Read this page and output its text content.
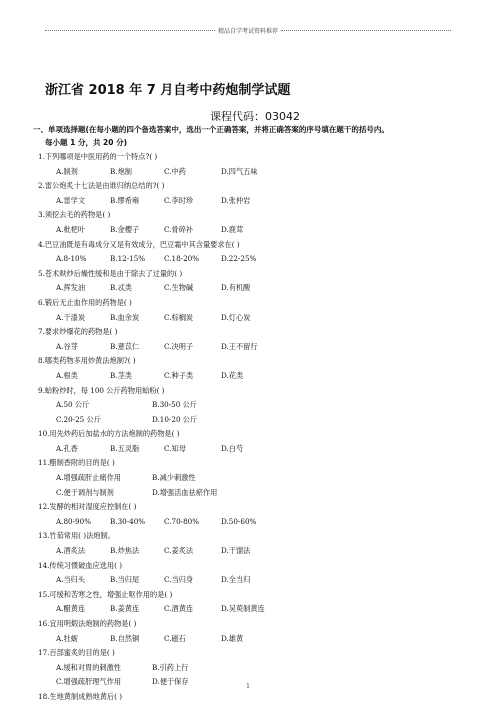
精品自学考试资料推荐
浙江省 2018 年 7 月自考中药炮制学试题
课程代码：03042
一、单项选择题(在每小题的四个备选答案中，选出一个正确答案，并将正确答案的序号填在题干的括号内。
每小题 1 分，共 20 分)
1.下列哪项是中医用药的一个特点?( )
A.制剂	B.炮制	C.中药	D.四气五味
2.雷公炮炙十七法是由谁归纳总结的?( )
A.雷学文	B.缪希雍	C.李时珍	D.张仲岩
3.须挖去毛的药物是( )
A.枇杷叶	B.金樱子	C.骨碎补	D.鹿茸
4.巴豆油既是有毒成分又是有效成分，巴豆霜中其含量要求在( )
A.8-10%	B.12-15%	C.18-20%	D.22-25%
5.苍术麸炒后燥性缓和是由于除去了过量的( )
A.挥发油	B.忒类	C.生物碱	D.有机酸
6.锻后无止血作用的药物是( )
A.干漆炭	B.血余炭	C.棕榈炭	D.灯心炭
7.要求炒爆花的药物是( )
A.谷芽	B.薏苡仁	C.决明子	D.王不留行
8.哪类药物多用炒黄法炮制?( )
A.根类	B.茎类	C.种子类	D.花类
9.蛤粉炒时，每 100 公斤药物用蛤粉( )
A.50 公斤	B.30-50 公斤
C.20-25 公斤	D.10-20 公斤
10.用先炒药后加盐水的方法炮制的药物是( )
A.孔香	B.五灵脂	C.知母	D.白芍
11.醋制香附的目的是( )
A.增强疏肝止痛作用	B.减少刺激性
C.便于调剂与制剂	D.增强活血祛瘀作用
12.发酵的相对湿度应控制在( )
A.80-90%	B.30-40%	C.70-80%	D.50-60%
13.竹茹常用( )法炮制。
A.酒炙法	B.炒焦法	C.姜炙法	D.干馏法
14.传统习惯破血应选用( )
A.当归头	B.当归尾	C.当归身	D.全当归
15.可缓和苦寒之性，增强止呕作用的是( )
A.醋黄连	B.姜黄连	C.酒黄连	D.吴萸制黄连
16.宜用明煅法炮制的药物是( )
A.牡蛎	B.自然铜	C.磁石	D.雄黄
17.百部蜜炙的目的是( )
A.缓和对胃的刺激性	B.引药上行
C.增强疏肝理气作用	D.便于保存
18.生地黄制成熟地黄后( )
1
